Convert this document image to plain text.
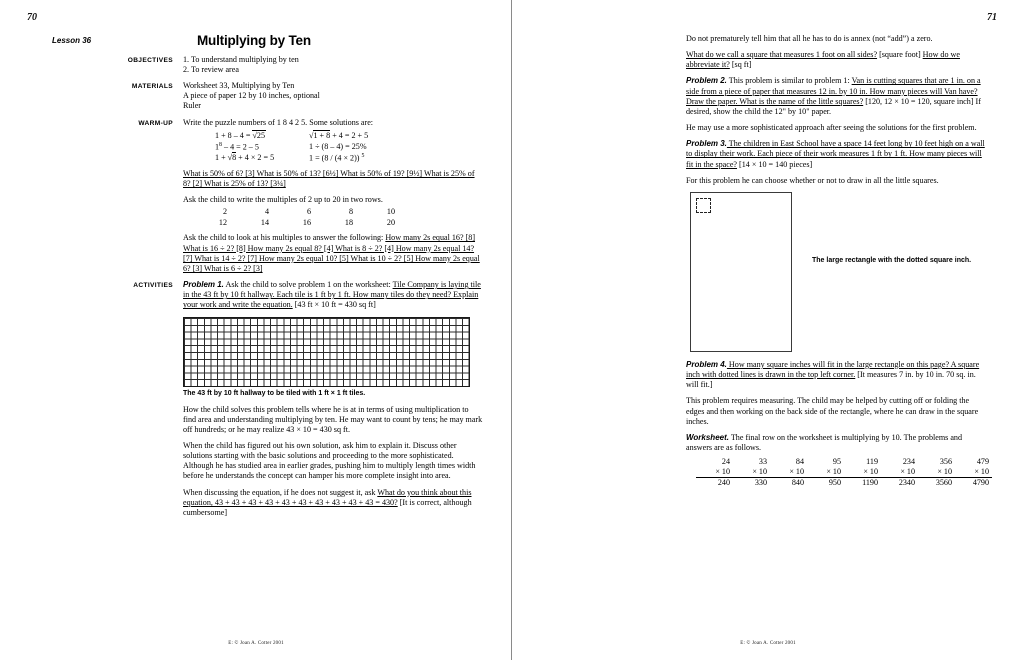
70
Lesson 36	Multiplying by Ten
OBJECTIVES	1. To understand multiplying by ten
2. To review area
MATERIALS	Worksheet 33, Multiplying by Ten
A piece of paper 12 by 10 inches, optional
Ruler
WARM-UP	Write the puzzle numbers of 1 8 4 2 5. Some solutions are:
1 + 8 – 4 = √25	√1 + 8 + 4 = 2 + 5
$1^8 - 4 = 2 - 5$	1 ÷ (8 – 4) = 25%
1 + √8 + 4 × 2 = 5	1 = (8 / (4 × 2)) $^5$
What is 50% of 6? [3] What is 50% of 13? [6½] What is 50% of 19? [9½] What is 25% of 8? [2] What is 25% of 13? [3¼]
Ask the child to write the multiples of 2 up to 20 in two rows.
2	4	6	8	10
12	14	16	18	20
Ask the child to look at his multiples to answer the following: How many 2s equal 16? [8] What is 16 ÷ 2? [8] How many 2s equal 8? [4] What is 8 ÷ 2? [4] How many 2s equal 14? [7] What is 14 ÷ 2? [7] How many 2s equal 10? [5] What is 10 ÷ 2? [5] How many 2s equal 6? [3] What is 6 ÷ 2? [3]
ACTIVITIES	Problem 1. Ask the child to solve problem 1 on the worksheet: Tile Company is laying tile in the 43 ft by 10 ft hallway. Each tile is 1 ft by 1 ft. How many tiles do they need? Explain your work and write the equation. [43 ft × 10 ft = 430 sq ft]
The 43 ft by 10 ft hallway to be tiled with 1 ft × 1 ft tiles.
How the child solves this problem tells where he is at in terms of using multiplication to find area and understanding multiplying by ten. He may want to count by tens; he may mark off hundreds; or he may realize 43 × 10 = 430 sq ft.
When the child has figured out his own solution, ask him to explain it. Discuss other solutions starting with the basic solutions and proceeding to the more sophisticated. Although he has studied area in earlier grades, pushing him to multiply length times width before he understands the concept can hamper his more complete insight into area.
When discussing the equation, if he does not suggest it, ask What do you think about this equation, 43 + 43 + 43 + 43 + 43 + 43 + 43 + 43 + 43 + 43 = 430? [It is correct, although cumbersome]
E: © Joan A. Cotter 2001
71
Do not prematurely tell him that all he has to do is annex (not “add”) a zero.
What do we call a square that measures 1 foot on all sides? [square foot] How do we abbreviate it? [sq ft]
Problem 2. This problem is similar to problem 1: Van is cutting squares that are 1 in. on a side from a piece of paper that measures 12 in. by 10 in. How many pieces will Van have? Draw the paper. What is the name of the little squares? [120, 12 × 10 = 120, square inch] If desired, show the child the 12" by 10" paper.
He may use a more sophisticated approach after seeing the solutions for the first problem.
Problem 3. The children in East School have a space 14 feet long by 10 feet high on a wall to display their work. Each piece of their work measures 1 ft by 1 ft. How many pieces will fit in the space? [14 × 10 = 140 pieces]
For this problem he can choose whether or not to draw in all the little squares.
The large rectangle with the dotted square inch.
Problem 4. How many square inches will fit in the large rectangle on this page? A square inch with dotted lines is drawn in the top left corner. [It measures 7 in. by 10 in. 70 sq. in. will fit.]
This problem requires measuring. The child may be helped by cutting off or folding the edges and then working on the back side of the rectangle, where he can draw in the square inches.
Worksheet. The final row on the worksheet is multiplying by 10. The problems and answers are as follows.
24	33	84	95	119	234	356	479
× 10	× 10	× 10	× 10	× 10	× 10	× 10	× 10
240	330	840	950	1190	2340	3560	4790
E: © Joan A. Cotter 2001
